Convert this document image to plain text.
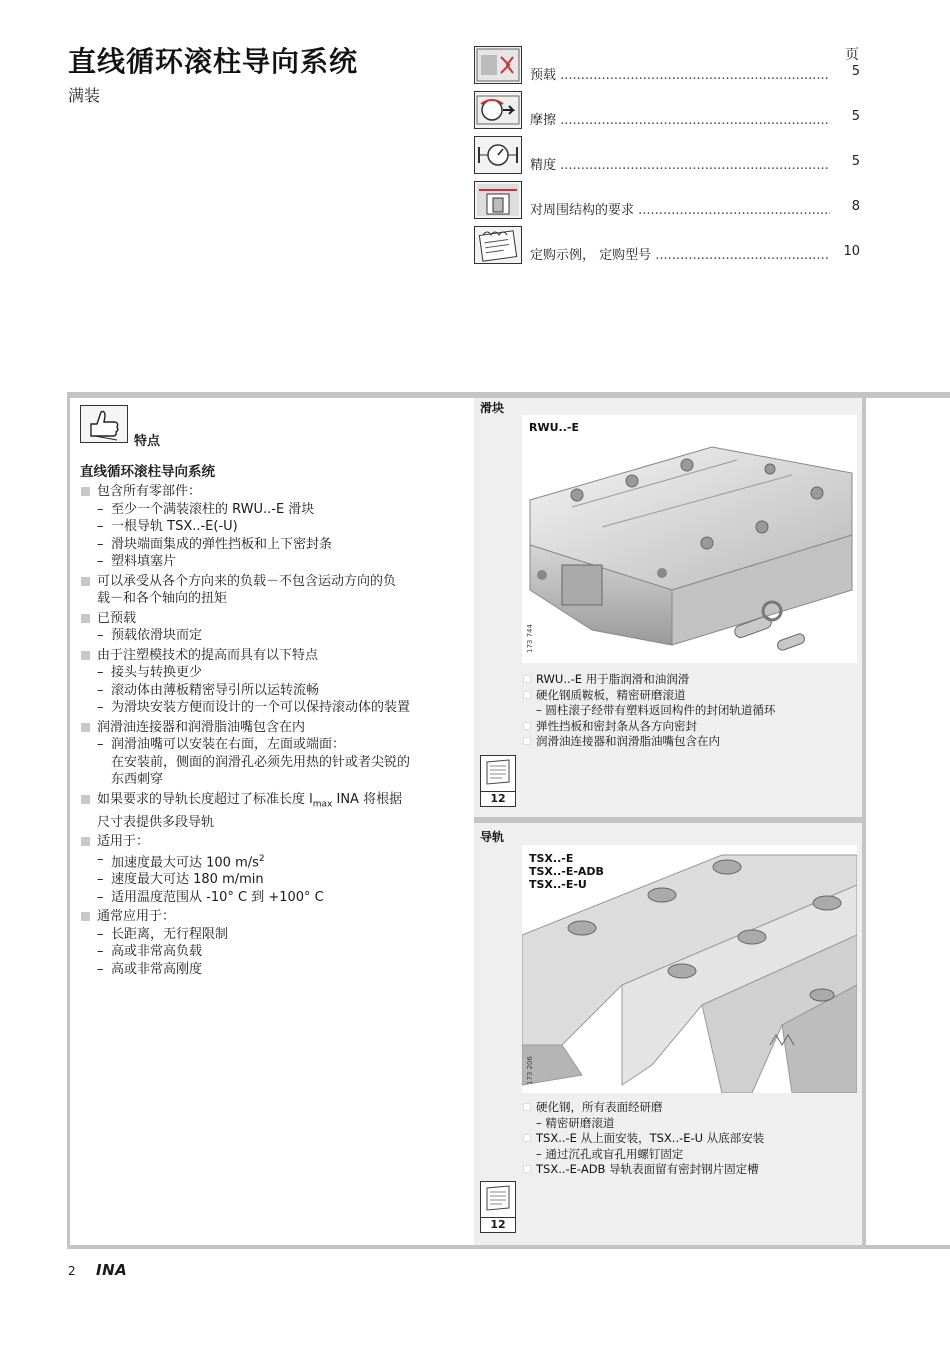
直线循环滚柱导向系统
满装
页
预载 .....	5
摩擦 .....	5
精度 .....	5
对周围结构的要求 .....	8
定购示例， 定购型号 .....	10
特点
直线循环滚柱导向系统
包含所有零部件：
– 至少一个满装滚柱的 RWU..-E 滑块
– 一根导轨 TSX..-E(-U)
– 滑块端面集成的弹性挡板和上下密封条
– 塑料填塞片
可以承受从各个方向来的负载－不包含运动方向的负
载－和各个轴向的扭矩
已预载
– 预载依滑块而定
由于注塑模技术的提高而具有以下特点
– 接头与转换更少
– 滚动体由薄板精密导引所以运转流畅
– 为滑块安装方便而设计的一个可以保持滚动体的装置
润滑油连接器和润滑脂油嘴包含在内
– 润滑油嘴可以安装在右面，左面或端面：
在安装前，侧面的润滑孔必须先用热的针或者尖锐的
东西刺穿
如果要求的导轨长度超过了标准长度 $l_{max}$ INA 将根据
尺寸表提供多段导轨
适用于：
– 加速度最大可达 100 $m/s^2$
– 速度最大可达 180 m/min
– 适用温度范围从 -10° C 到 +100° C
通常应用于：
– 长距离，无行程限制
– 高或非常高负载
– 高或非常高刚度
滑块
RWU..-E
173 744
RWU..-E 用于脂润滑和油润滑
硬化钢质鞍板，精密研磨滚道
– 圆柱滚子经带有塑料返回构件的封闭轨道循环
弹性挡板和密封条从各方向密封
润滑油连接器和润滑脂油嘴包含在内
12
导轨
TSX..-E
TSX..-E-ADB
TSX..-E-U
173 206
硬化钢，所有表面经研磨
– 精密研磨滚道
TSX..-E 从上面安装，TSX..-E-U 从底部安装
– 通过沉孔或盲孔用螺钉固定
TSX..-E-ADB 导轨表面留有密封钢片固定槽
12
2 INA
